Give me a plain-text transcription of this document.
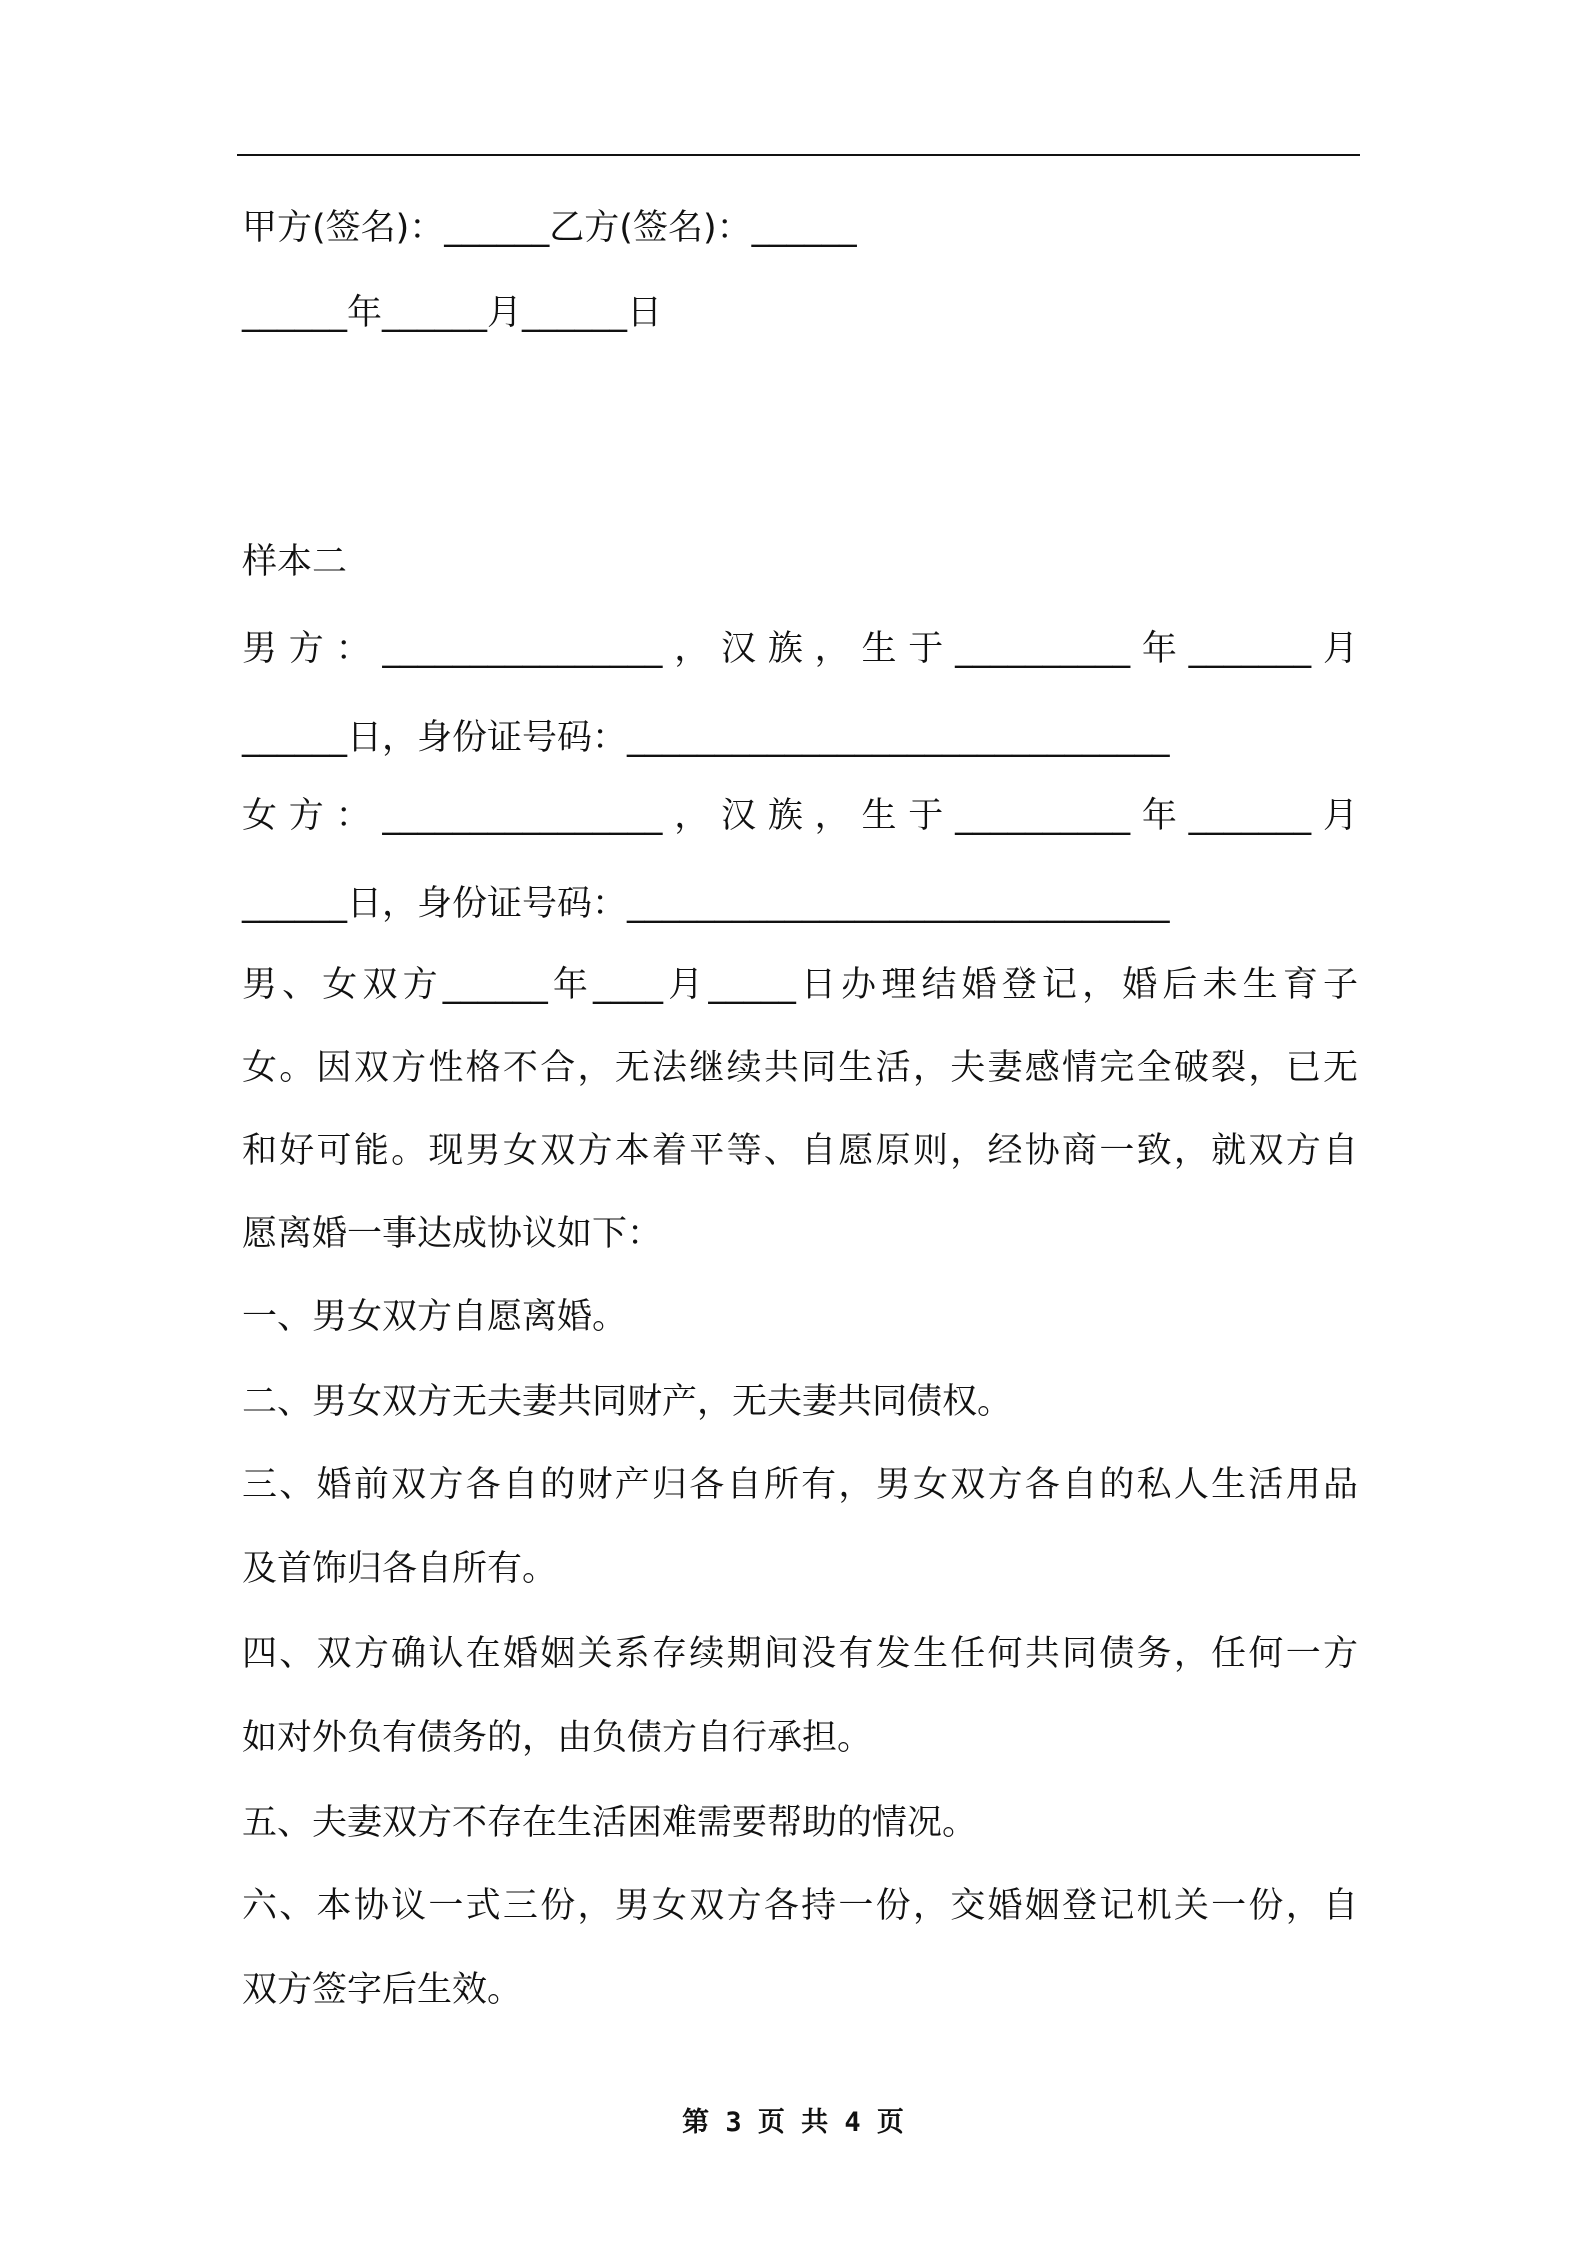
甲方(签名)：______乙方(签名)：______
______年______月______日
样本二
男方：________________，汉族，生于__________年_______月
______日，身份证号码：_______________________________
女方：________________，汉族，生于__________年_______月
______日，身份证号码：_______________________________
男、女双方______年____月_____日办理结婚登记，婚后未生育子
女。因双方性格不合，无法继续共同生活，夫妻感情完全破裂，已无
和好可能。现男女双方本着平等、自愿原则，经协商一致，就双方自
愿离婚一事达成协议如下：
一、男女双方自愿离婚。
二、男女双方无夫妻共同财产，无夫妻共同债权。
三、婚前双方各自的财产归各自所有，男女双方各自的私人生活用品
及首饰归各自所有。
四、双方确认在婚姻关系存续期间没有发生任何共同债务，任何一方
如对外负有债务的，由负债方自行承担。
五、夫妻双方不存在生活困难需要帮助的情况。
六、本协议一式三份，男女双方各持一份，交婚姻登记机关一份，自
双方签字后生效。
第 3 页 共 4 页
